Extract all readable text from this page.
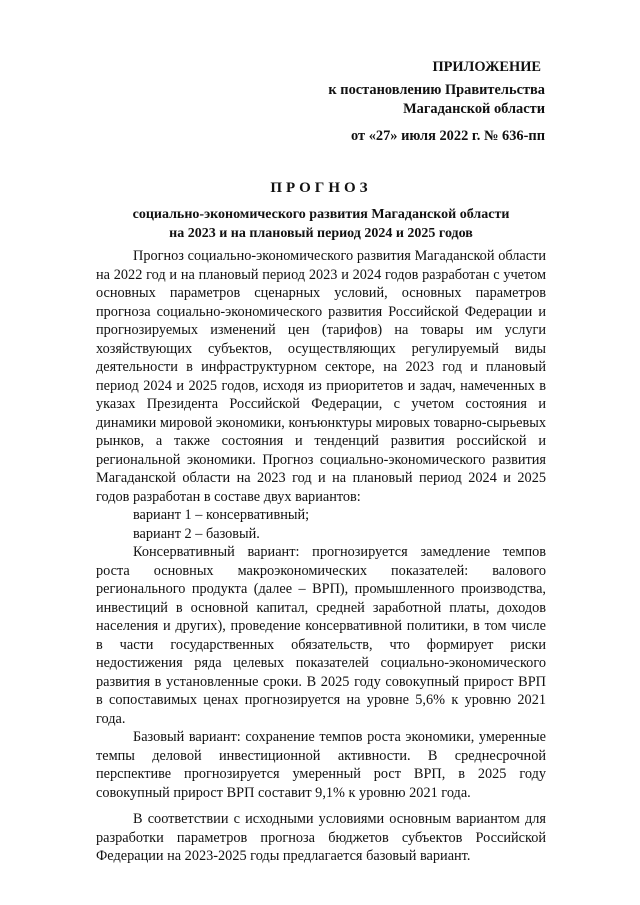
ПРИЛОЖЕНИЕ
к постановлению Правительства
Магаданской области
от «27» июля 2022 г. № 636-пп
ПРОГНОЗ
социально-экономического развития Магаданской области
на 2023 и на плановый период 2024 и 2025 годов

Прогноз социально-экономического развития Магаданской области на 2022 год и на плановый период 2023 и 2024 годов разработан с учетом основных параметров сценарных условий, основных параметров прогноза социально-экономического развития Российской Федерации и прогнозируемых изменений цен (тарифов) на товары им услуги хозяйствующих субъектов, осуществляющих регулируемый виды деятельности в инфраструктурном секторе, на 2023 год и плановый период 2024 и 2025 годов, исходя из приоритетов и задач, намеченных в указах Президента Российской Федерации, с учетом состояния и динамики мировой экономики, конъюнктуры мировых товарно-сырьевых рынков, а также состояния и тенденций развития российской и региональной экономики. Прогноз социально-экономического развития Магаданской области на 2023 год и на плановый период 2024 и 2025 годов разработан в составе двух вариантов:

вариант 1 – консервативный;

вариант 2 – базовый.

Консервативный вариант: прогнозируется замедление темпов роста основных макроэкономических показателей: валового регионального продукта (далее – ВРП), промышленного производства, инвестиций в основной капитал, средней заработной платы, доходов населения и других), проведение консервативной политики, в том числе в части государственных обязательств, что формирует риски недостижения ряда целевых показателей социально-экономического развития в установленные сроки. В 2025 году совокупный прирост ВРП в сопоставимых ценах прогнозируется на уровне 5,6% к уровню 2021 года.

Базовый вариант: сохранение темпов роста экономики, умеренные темпы деловой инвестиционной активности. В среднесрочной перспективе прогнозируется умеренный рост ВРП, в 2025 году совокупный прирост ВРП составит 9,1% к уровню 2021 года.

В соответствии с исходными условиями основным вариантом для разработки параметров прогноза бюджетов субъектов Российской Федерации на 2023-2025 годы предлагается базовый вариант.
